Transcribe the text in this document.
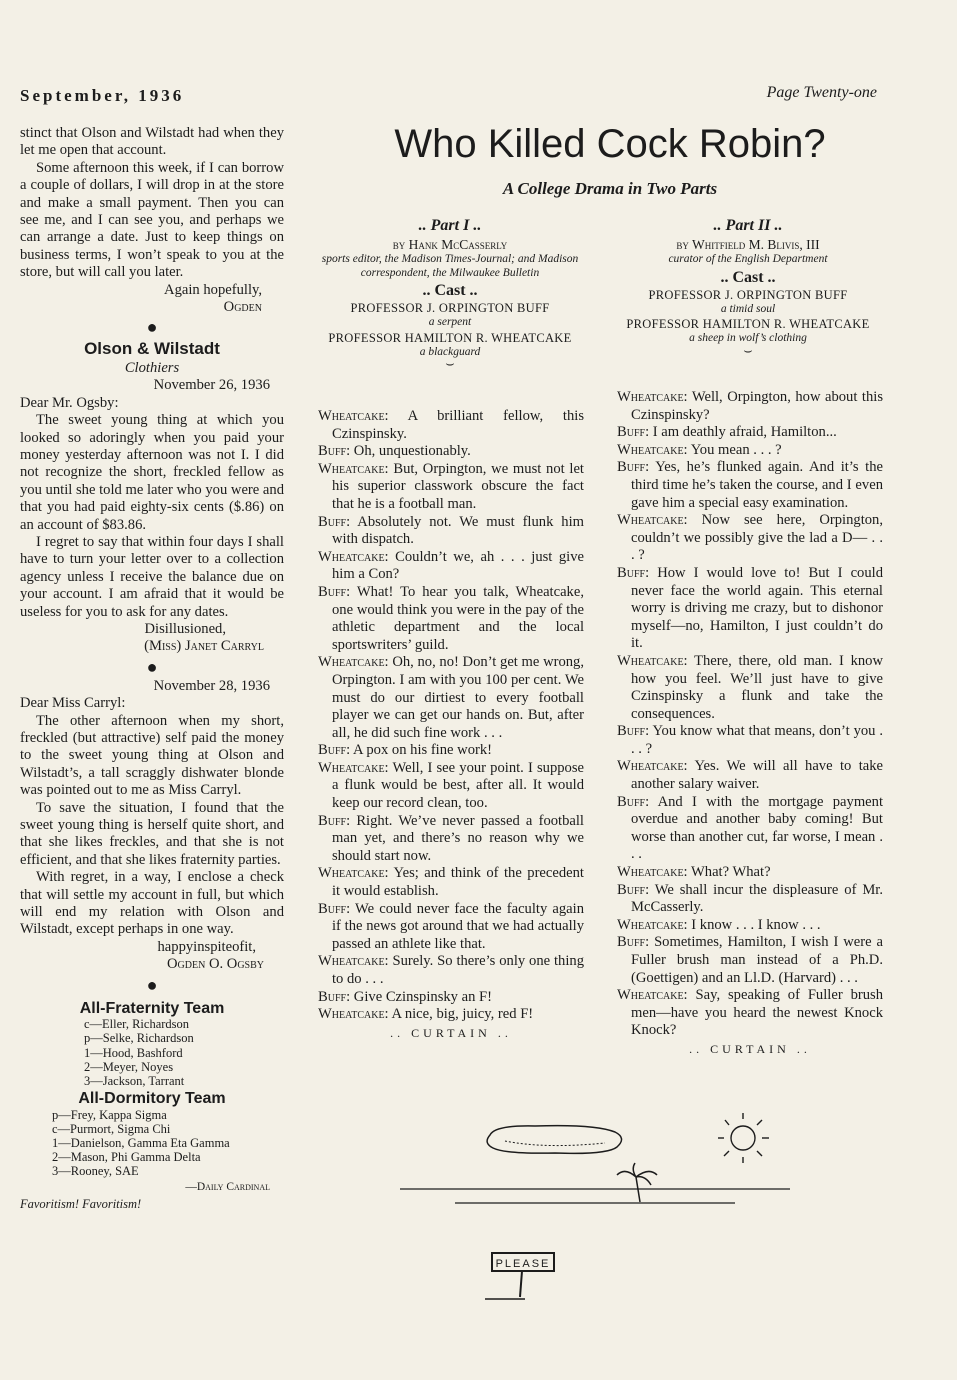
September, 1936	Page Twenty-one

stinct that Olson and Wilstadt had when they let me open that account.

Some afternoon this week, if I can borrow a couple of dollars, I will drop in at the store and make a small payment. Then you can see me, and I can see you, and perhaps we can arrange a date. Just to keep things on business terms, I won’t speak to you at the store, but will call you later.

Again hopefully,

Ogden

●
Olson & Wilstadt

Clothiers

November 26, 1936

Dear Mr. Ogsby:

The sweet young thing at which you looked so adoringly when you paid your money yesterday afternoon was not I. I did not recognize the short, freckled fellow as you until she told me later who you were and that you had paid eighty-six cents ($.86) on an account of $83.86.

I regret to say that within four days I shall have to turn your letter over to a collection agency unless I receive the balance due on your account. I am afraid that it would be useless for you to ask for any dates.

Disillusioned,

(Miss) Janet Carryl

●

November 28, 1936

Dear Miss Carryl:

The other afternoon when my short, freckled (but attractive) self paid the money to the sweet young thing at Olson and Wilstadt’s, a tall scraggly dishwater blonde was pointed out to me as Miss Carryl.

To save the situation, I found that the sweet young thing is herself quite short, and that she likes freckles, and that she is not efficient, and that she likes fraternity parties.

With regret, in a way, I enclose a check that will settle my account in full, but which will end my relation with Olson and Wilstadt, except perhaps in one way.

happyinspiteofit,

Ogden O. Ogsby

●
All-Fraternity Team
c—Eller, Richardson
p—Selke, Richardson
1—Hood, Bashford
2—Meyer, Noyes
3—Jackson, Tarrant
All-Dormitory Team
p—Frey, Kappa Sigma
c—Purmort, Sigma Chi
1—Danielson, Gamma Eta Gamma
2—Mason, Phi Gamma Delta
3—Rooney, SAE

—Daily Cardinal

Favoritism! Favoritism!

Who Killed Cock Robin?
A College Drama in Two Parts
.. Part I ..
by Hank McCasserly
sports editor, the Madison Times-Journal; and Madison correspondent, the Milwaukee Bulletin
.. Cast ..
PROFESSOR J. ORPINGTON BUFF
a serpent
PROFESSOR HAMILTON R. WHEATCAKE
a blackguard
⌣
.. Part II ..
by Whitfield M. Blivis, III
curator of the English Department
.. Cast ..
PROFESSOR J. ORPINGTON BUFF
a timid soul
PROFESSOR HAMILTON R. WHEATCAKE
a sheep in wolf’s clothing
⌣
Wheatcake: A brilliant fellow, this Czinspinsky.
Buff: Oh, unquestionably.
Wheatcake: But, Orpington, we must not let his superior classwork obscure the fact that he is a football man.
Buff: Absolutely not. We must flunk him with dispatch.
Wheatcake: Couldn’t we, ah . . . just give him a Con?
Buff: What! To hear you talk, Wheatcake, one would think you were in the pay of the athletic department and the local sportswriters’ guild.
Wheatcake: Oh, no, no! Don’t get me wrong, Orpington. I am with you 100 per cent. We must do our dirtiest to every football player we can get our hands on. But, after all, he did such fine work . . .
Buff: A pox on his fine work!
Wheatcake: Well, I see your point. I suppose a flunk would be best, after all. It would keep our record clean, too.
Buff: Right. We’ve never passed a football man yet, and there’s no reason why we should start now.
Wheatcake: Yes; and think of the precedent it would establish.
Buff: We could never face the faculty again if the news got around that we had actually passed an athlete like that.
Wheatcake: Surely. So there’s only one thing to do . . .
Buff: Give Czinspinsky an F!
Wheatcake: A nice, big, juicy, red F!
.. CURTAIN ..
Wheatcake: Well, Orpington, how about this Czinspinsky?
Buff: I am deathly afraid, Hamilton...
Wheatcake: You mean . . . ?
Buff: Yes, he’s flunked again. And it’s the third time he’s taken the course, and I even gave him a special easy examination.
Wheatcake: Now see here, Orpington, couldn’t we possibly give the lad a D— . . . ?
Buff: How I would love to! But I could never face the world again. This eternal worry is driving me crazy, but to dishonor myself—no, Hamilton, I just couldn’t do it.
Wheatcake: There, there, old man. I know how you feel. We’ll just have to give Czinspinsky a flunk and take the consequences.
Buff: You know what that means, don’t you . . . ?
Wheatcake: Yes. We will all have to take another salary waiver.
Buff: And I with the mortgage payment overdue and another baby coming! But worse than another cut, far worse, I mean . . .
Wheatcake: What? What?
Buff: We shall incur the displeasure of Mr. McCasserly.
Wheatcake: I know . . . I know . . .
Buff: Sometimes, Hamilton, I wish I were a Fuller brush man instead of a Ph.D. (Goettigen) and an Ll.D. (Harvard) . . .
Wheatcake: Say, speaking of Fuller brush men—have you heard the newest Knock Knock?
.. CURTAIN ..
PLEASE
